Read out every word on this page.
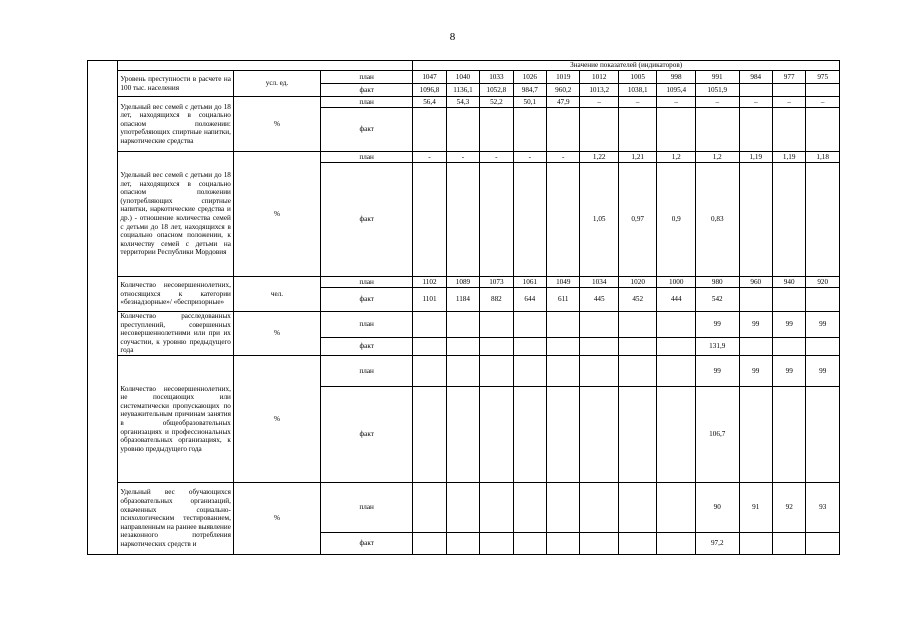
8
				Значение показателей (индикаторов)											
	Уровень преступности в расчете на 100 тыс. населения	усл. ед.	план	1047	1040	1033	1026	1019	1012	1005	998	991	984	977	975
			факт	1096,8	1136,1	1052,8	984,7	960,2	1013,2	1038,1	1095,4	1051,9			
	Удельный вес семей с детьми до 18 лет, находящихся в социально опасном положении: употребляющих спиртные напитки, наркотические средства	%	план	56,4	54,3	52,2	50,1	47,9	–	–	–	–	–	–	–
			факт												
	Удельный вес семей с детьми до 18 лет, находящихся в социально опасном положении (употребляющих спиртные напитки, наркотические средства и др.) - отношение количества семей с детьми до 18 лет, находящихся в социально опасном положении, к количеству семей с детьми на территории Республики Мордовия	%	план	-	-	-	-	-	1,22	1,21	1,2	1,2	1,19	1,19	1,18
			факт						1,05	0,97	0,9	0,83			
	Количество несовершеннолетних, относящихся к категории «безнадзорные»/ «беспризорные»	чел.	план	1102	1089	1073	1061	1049	1034	1020	1000	980	960	940	920
			факт	1101	1184	882	644	611	445	452	444	542			
	Количество расследованных преступлений, совершенных несовершеннолетними или при их соучастии, к уровню предыдущего года	%	план									99	99	99	99
			факт									131,9			
	Количество несовершеннолетних, не посещающих или систематически пропускающих по неуважительным причинам занятия в общеобразовательных организациях и профессиональных образовательных организациях, к уровню предыдущего года	%	план									99	99	99	99
			факт									106,7			
	Удельный вес обучающихся образовательных организаций, охваченных социально-психологическим тестированием, направленным на раннее выявление незаконного потребления наркотических средств и	%	план									90	91	92	93
			факт									97,2			
